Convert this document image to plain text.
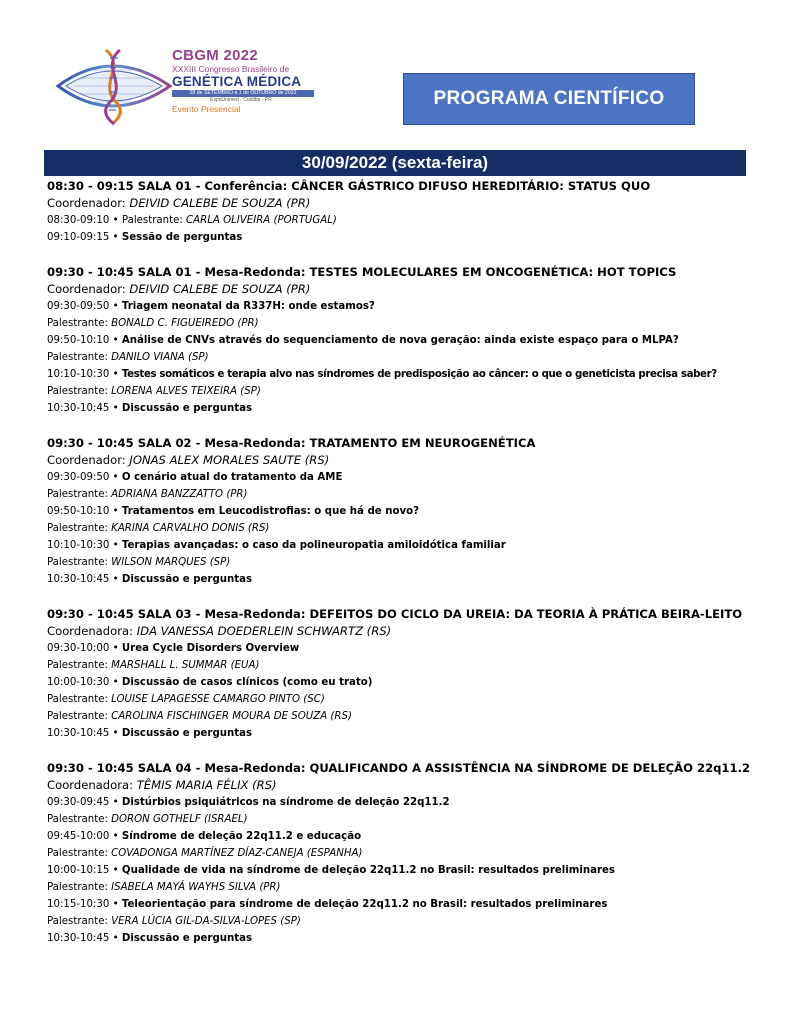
CBGM 2022
XXXIII Congresso Brasileiro de
GENÉTICA MÉDICA
28 de SETEMBRO a 1 de OUTUBRO de 2022
ExpoUnimed - Curitiba - PR
Evento Presencial	PROGRAMA CIENTÍFICO
30/09/2022 (sexta-feira)
08:30 - 09:15 SALA 01 - Conferência: CÂNCER GÁSTRICO DIFUSO HEREDITÁRIO: STATUS QUO
Coordenador: DEIVID CALEBE DE SOUZA (PR)
08:30-09:10 • Palestrante: CARLA OLIVEIRA (PORTUGAL)
09:10-09:15 • Sessão de perguntas
09:30 - 10:45 SALA 01 - Mesa-Redonda: TESTES MOLECULARES EM ONCOGENÉTICA: HOT TOPICS
Coordenador: DEIVID CALEBE DE SOUZA (PR)
09:30-09:50 • Triagem neonatal da R337H: onde estamos?
Palestrante: BONALD C. FIGUEIREDO (PR)
09:50-10:10 • Análise de CNVs através do sequenciamento de nova geração: ainda existe espaço para o MLPA?
Palestrante: DANILO VIANA (SP)
10:10-10:30 • Testes somáticos e terapia alvo nas síndromes de predisposição ao câncer: o que o geneticista precisa saber?
Palestrante: LORENA ALVES TEIXEIRA (SP)
10:30-10:45 • Discussão e perguntas
09:30 - 10:45 SALA 02 - Mesa-Redonda: TRATAMENTO EM NEUROGENÉTICA
Coordenador: JONAS ALEX MORALES SAUTE (RS)
09:30-09:50 • O cenário atual do tratamento da AME
Palestrante: ADRIANA BANZZATTO (PR)
09:50-10:10 • Tratamentos em Leucodistrofias: o que há de novo?
Palestrante: KARINA CARVALHO DONIS (RS)
10:10-10:30 • Terapias avançadas: o caso da polineuropatia amiloidótica familiar
Palestrante: WILSON MARQUES (SP)
10:30-10:45 • Discussão e perguntas
09:30 - 10:45 SALA 03 - Mesa-Redonda: DEFEITOS DO CICLO DA UREIA: DA TEORIA À PRÁTICA BEIRA-LEITO
Coordenadora: IDA VANESSA DOEDERLEIN SCHWARTZ (RS)
09:30-10:00 • Urea Cycle Disorders Overview
Palestrante: MARSHALL L. SUMMAR (EUA)
10:00-10:30 • Discussão de casos clínicos (como eu trato)
Palestrante: LOUISE LAPAGESSE CAMARGO PINTO (SC)
Palestrante: CAROLINA FISCHINGER MOURA DE SOUZA (RS)
10:30-10:45 • Discussão e perguntas
09:30 - 10:45 SALA 04 - Mesa-Redonda: QUALIFICANDO A ASSISTÊNCIA NA SÍNDROME DE DELEÇÃO 22q11.2
Coordenadora: TÊMIS MARIA FÉLIX (RS)
09:30-09:45 • Distúrbios psiquiátricos na síndrome de deleção 22q11.2
Palestrante: DORON GOTHELF (ISRAEL)
09:45-10:00 • Síndrome de deleção 22q11.2 e educação
Palestrante: COVADONGA MARTÍNEZ DÍAZ-CANEJA (ESPANHA)
10:00-10:15 • Qualidade de vida na síndrome de deleção 22q11.2 no Brasil: resultados preliminares
Palestrante: ISABELA MAYÁ WAYHS SILVA (PR)
10:15-10:30 • Teleorientação para síndrome de deleção 22q11.2 no Brasil: resultados preliminares
Palestrante: VERA LÚCIA GIL-DA-SILVA-LOPES (SP)
10:30-10:45 • Discussão e perguntas
